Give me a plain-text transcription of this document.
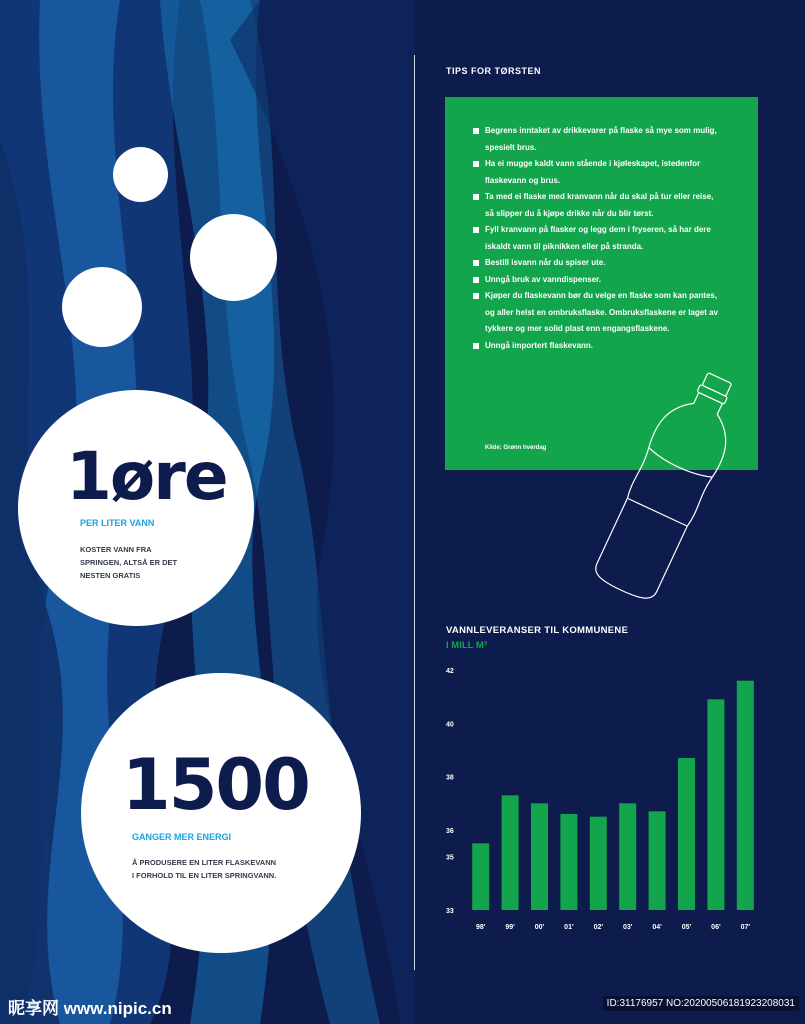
1øre
PER LITER VANN
KOSTER VANN FRA
SPRINGEN, ALTSÅ ER DET
NESTEN GRATIS
1500
GANGER MER ENERGI
Å PRODUSERE EN LITER FLASKEVANN
I FORHOLD TIL EN LITER SPRINGVANN.
TIPS FOR TØRSTEN
Begrens inntaket av drikkevarer på flaske så mye som mulig, spesielt brus.
Ha ei mugge kaldt vann stående i kjøleskapet, istedenfor flaskevann og brus.
Ta med ei flaske med kranvann når du skal på tur eller reise, så slipper du å kjøpe drikke når du blir tørst.
Fyll kranvann på flasker og legg dem i fryseren, så har dere iskaldt vann til piknikken eller på stranda.
Bestill isvann når du spiser ute.
Unngå bruk av vanndispenser.
Kjøper du flaskevann bør du velge en flaske som kan pantes, og aller helst en ombruksflaske. Ombruksflaskene er laget av tykkere og mer solid plast enn engangsflaskene.
Unngå importert flaskevann.
Kilde: Grønn hverdag
VANNLEVERANSER TIL KOMMUNENE
I MILL M³
33
35
36
38
40
42
98'	99'	00'	01'	02'	03'	04'	05'	06'	07'
昵享网 www.nipic.cn	ID:31176957 NO:20200506181923208031
